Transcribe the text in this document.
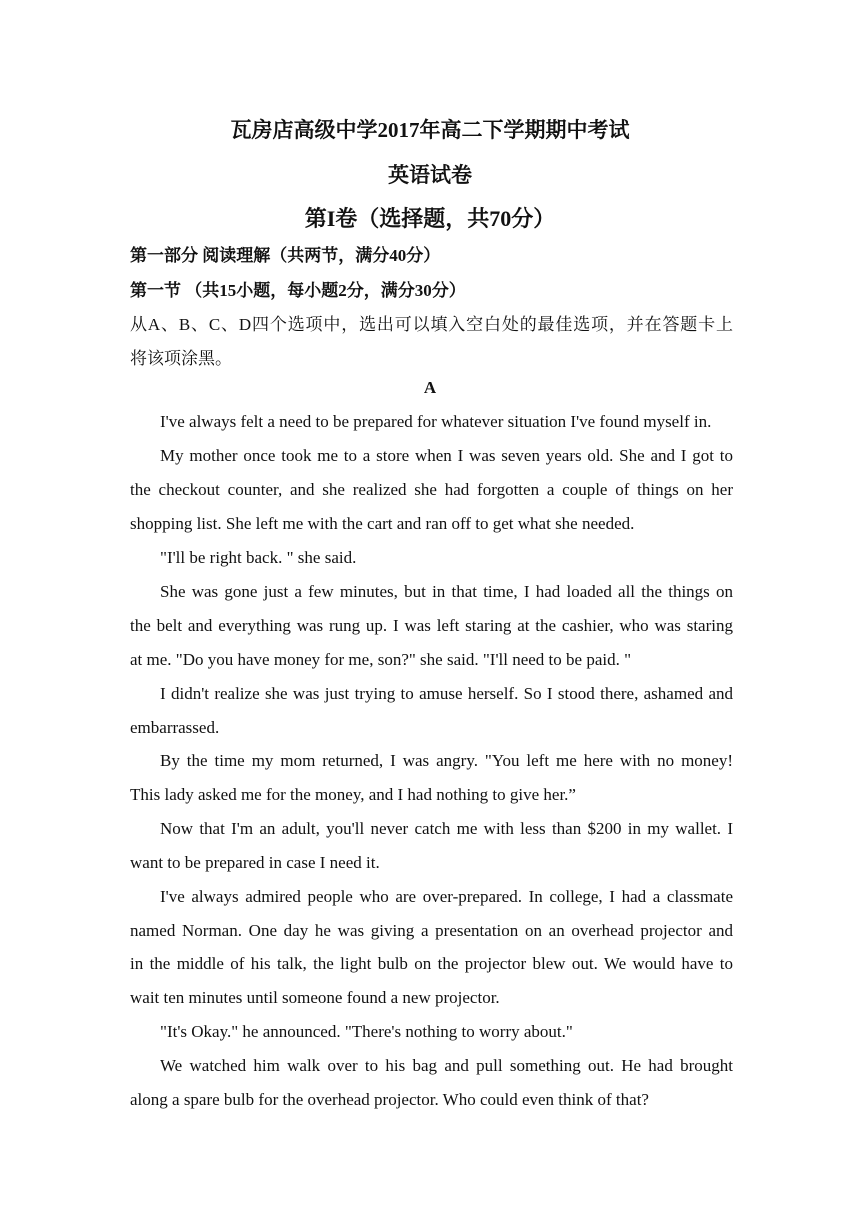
瓦房店高级中学2017年高二下学期期中考试
英语试卷
第I卷（选择题，共70分）
第一部分 阅读理解（共两节，满分40分）
第一节 （共15小题，每小题2分，满分30分）
从A、B、C、D四个选项中，选出可以填入空白处的最佳选项，并在答题卡上
将该项涂黑。
A
I've always felt a need to be prepared for whatever situation I've found myself in.
My mother once took me to a store when I was seven years old. She and I got to
the checkout counter, and she realized she had forgotten a couple of things on her
shopping list. She left me with the cart and ran off to get what she needed.
"I'll be right back. " she said.
She was gone just a few minutes, but in that time, I had loaded all the things on
the belt and everything was rung up. I was left staring at the cashier, who was staring
at me. "Do you have money for me, son?" she said. "I'll need to be paid. "
I didn't realize she was just trying to amuse herself. So I stood there, ashamed and
embarrassed.
By the time my mom returned, I was angry. "You left me here with no money!
This lady asked me for the money, and I had nothing to give her.”
Now that I'm an adult, you'll never catch me with less than $200 in my wallet. I
want to be prepared in case I need it.
I've always admired people who are over-prepared. In college, I had a classmate
named Norman. One day he was giving a presentation on an overhead projector and
in the middle of his talk, the light bulb on the projector blew out. We would have to
wait ten minutes until someone found a new projector.
"It's Okay." he announced. "There's nothing to worry about."
We watched him walk over to his bag and pull something out. He had brought
along a spare bulb for the overhead projector. Who could even think of that?
